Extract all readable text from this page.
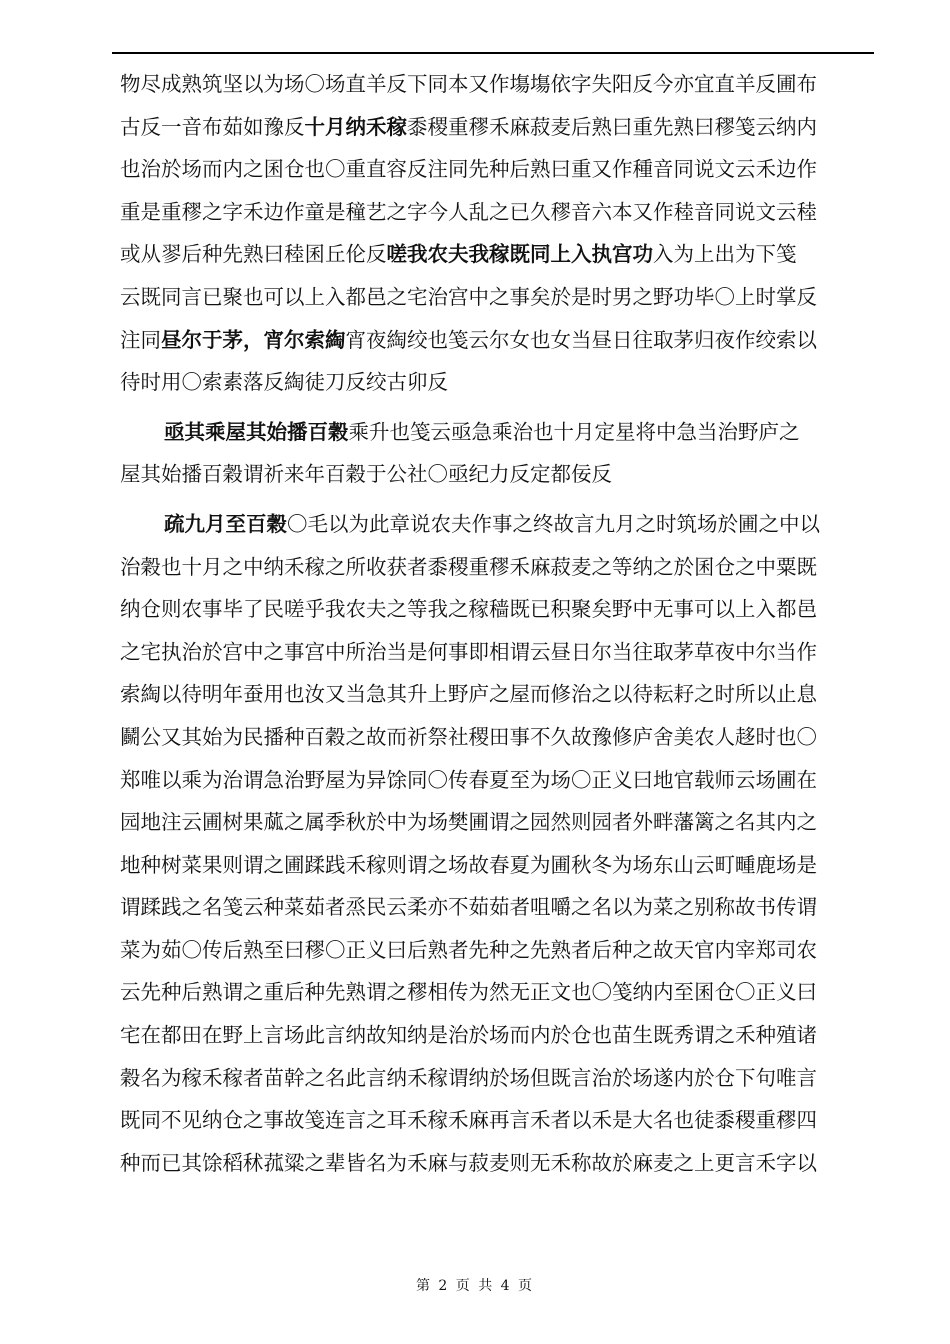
物尽成熟筑坚以为场〇场直羊反下同本又作塲塲依字失阳反今亦宜直羊反圃布
古反一音布茹如豫反十月纳禾稼黍稷重穋禾麻菽麦后熟曰重先熟曰穋笺云纳内
也治於场而内之囷仓也〇重直容反注同先种后熟曰重又作種音同说文云禾边作
重是重穋之字禾边作童是穜艺之字今人乱之已久穋音六本又作稑音同说文云稑
或从翏后种先熟曰稑囷丘伦反嗟我农夫我稼既同上入执宫功入为上出为下笺
云既同言已聚也可以上入都邑之宅治宫中之事矣於是时男之野功毕〇上时掌反
注同昼尔于茅，宵尔索綯宵夜綯绞也笺云尔女也女当昼日往取茅归夜作绞索以
待时用〇索素落反綯徒刀反绞古卯反
亟其乘屋其始播百穀乘升也笺云亟急乘治也十月定星将中急当治野庐之
屋其始播百穀谓祈来年百穀于公社〇亟纪力反定都佞反
疏九月至百穀〇毛以为此章说农夫作事之终故言九月之时筑场於圃之中以
治穀也十月之中纳禾稼之所收获者黍稷重穋禾麻菽麦之等纳之於囷仓之中粟既
纳仓则农事毕了民嗟乎我农夫之等我之稼穑既已积聚矣野中无事可以上入都邑
之宅执治於宫中之事宫中所治当是何事即相谓云昼日尔当往取茅草夜中尔当作
索綯以待明年蚕用也汝又当急其升上野庐之屋而修治之以待耘耔之时所以止息
鬬公又其始为民播种百穀之故而祈祭社稷田事不久故豫修庐舍美农人趍时也〇
郑唯以乘为治谓急治野屋为异馀同〇传春夏至为场〇正义曰地官载师云场圃在
园地注云圃树果蓏之属季秋於中为场樊圃谓之园然则园者外畔藩篱之名其内之
地种树菜果则谓之圃蹂践禾稼则谓之场故春夏为圃秋冬为场东山云町畽鹿场是
谓蹂践之名笺云种菜茹者烝民云柔亦不茹茹者咀嚼之名以为菜之别称故书传谓
菜为茹〇传后熟至曰穋〇正义曰后熟者先种之先熟者后种之故天官内宰郑司农
云先种后熟谓之重后种先熟谓之穋相传为然无正文也〇笺纳内至囷仓〇正义曰
宅在都田在野上言场此言纳故知纳是治於场而内於仓也苗生既秀谓之禾种殖诸
穀名为稼禾稼者苗幹之名此言纳禾稼谓纳於场但既言治於场遂内於仓下句唯言
既同不见纳仓之事故笺连言之耳禾稼禾麻再言禾者以禾是大名也徒黍稷重穋四
种而已其馀稻秫菰粱之辈皆名为禾麻与菽麦则无禾称故於麻麦之上更言禾字以
第 2 页 共 4 页
